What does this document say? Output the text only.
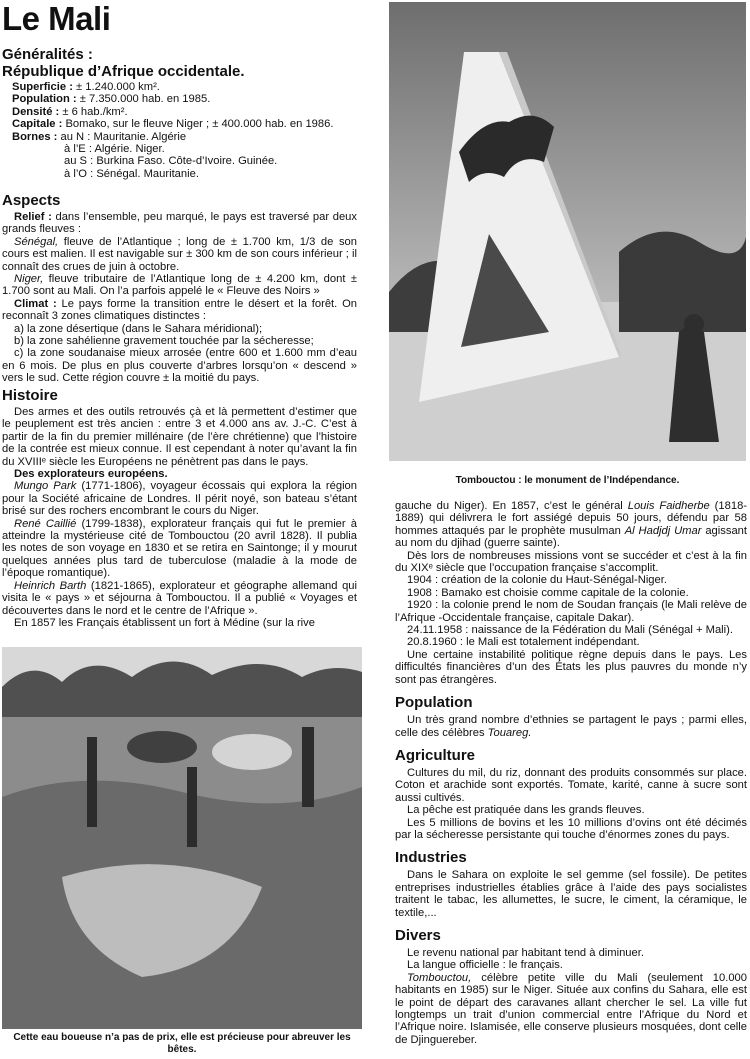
Le Mali
Généralités :
République d’Afrique occidentale.
Superficie : ± 1.240.000 km².
Population : ± 7.350.000 hab. en 1985.
Densité : ± 6 hab./km².
Capitale : Bomako, sur le fleuve Niger ; ± 400.000 hab. en 1986.
Bornes : au N : Mauritanie. Algérie
à l’E : Algérie. Niger.
au S : Burkina Faso. Côte-d’Ivoire. Guinée.
à l’O : Sénégal. Mauritanie.
Aspects

Relief : dans l’ensemble, peu marqué, le pays est traversé par deux grands fleuves :

Sénégal, fleuve de l’Atlantique ; long de ± 1.700 km, 1/3 de son cours est malien. Il est navigable sur ± 300 km de son cours inférieur ; il connaît des crues de juin à octobre.

Niger, fleuve tributaire de l’Atlantique long de ± 4.200 km, dont ± 1.700 sont au Mali. On l’a parfois appelé le « Fleuve des Noirs »

Climat : Le pays forme la transition entre le désert et la forêt. On reconnaît 3 zones climatiques distinctes :

a) la zone désertique (dans le Sahara méridional);

b) la zone sahélienne gravement touchée par la sécheresse;

c) la zone soudanaise mieux arrosée (entre 600 et 1.600 mm d’eau en 6 mois. De plus en plus couverte d’arbres lorsqu’on « descend » vers le sud. Cette région couvre ± la moitié du pays.

Histoire

Des armes et des outils retrouvés çà et là permettent d’estimer que le peuplement est très ancien : entre 3 et 4.000 ans av. J.-C. C’est à partir de la fin du premier millénaire (de l’ère chrétienne) que l’histoire de la contrée est mieux connue. Il est cependant à noter qu’avant la fin du XVIIIᵉ siècle les Européens ne pénètrent pas dans le pays.

Des explorateurs européens.

Mungo Park (1771-1806), voyageur écossais qui explora la région pour la Société africaine de Londres. Il périt noyé, son bateau s’étant brisé sur des rochers encombrant le cours du Niger.

René Caillié (1799-1838), explorateur français qui fut le premier à atteindre la mystérieuse cité de Tombouctou (20 avril 1828). Il publia les notes de son voyage en 1830 et se retira en Saintonge; il y mourut quelques années plus tard de tuberculose (maladie à la mode de l’époque romantique).

Heinrich Barth (1821-1865), explorateur et géographe allemand qui visita le « pays » et séjourna à Tombouctou. Il a publié « Voyages et découvertes dans le nord et le centre de l’Afrique ».

En 1857 les Français établissent un fort à Médine (sur la rive

Tombouctou : le monument de l’Indépendance.
Cette eau boueuse n’a pas de prix, elle est précieuse pour abreuver les bêtes.

gauche du Niger). En 1857, c’est le général Louis Faidherbe (1818-1889) qui délivrera le fort assiégé depuis 50 jours, défendu par 58 hommes attaqués par le prophète musulman Al Hadjdj Umar agissant au nom du djihad (guerre sainte).

Dès lors de nombreuses missions vont se succéder et c’est à la fin du XIXᵉ siècle que l’occupation française s’accomplit.

1904 : création de la colonie du Haut-Sénégal-Niger.

1908 : Bamako est choisie comme capitale de la colonie.

1920 : la colonie prend le nom de Soudan français (le Mali relève de l’Afrique -Occidentale française, capitale Dakar).

24.11.1958 : naissance de la Fédération du Mali (Sénégal + Mali).

20.8.1960 : le Mali est totalement indépendant.

Une certaine instabilité politique règne depuis dans le pays. Les difficultés financières d’un des États les plus pauvres du monde n’y sont pas étrangères.

Population

Un très grand nombre d’ethnies se partagent le pays ; parmi elles, celle des célèbres Touareg.

Agriculture

Cultures du mil, du riz, donnant des produits consommés sur place. Coton et arachide sont exportés. Tomate, karité, canne à sucre sont aussi cultivés.

La pêche est pratiquée dans les grands fleuves.

Les 5 millions de bovins et les 10 millions d’ovins ont été décimés par la sécheresse persistante qui touche d’énormes zones du pays.

Industries

Dans le Sahara on exploite le sel gemme (sel fossile). De petites entreprises industrielles établies grâce à l’aide des pays socialistes traitent le tabac, les allumettes, le sucre, le ciment, la céramique, le textile,...

Divers

Le revenu national par habitant tend à diminuer.

La langue officielle : le français.

Tombouctou, célèbre petite ville du Mali (seulement 10.000 habitants en 1985) sur le Niger. Située aux confins du Sahara, elle est le point de départ des caravanes allant chercher le sel. La ville fut longtemps un trait d’union commercial entre l’Afrique du Nord et l’Afrique noire. Islamisée, elle conserve plusieurs mosquées, dont celle de Djinguereber.
